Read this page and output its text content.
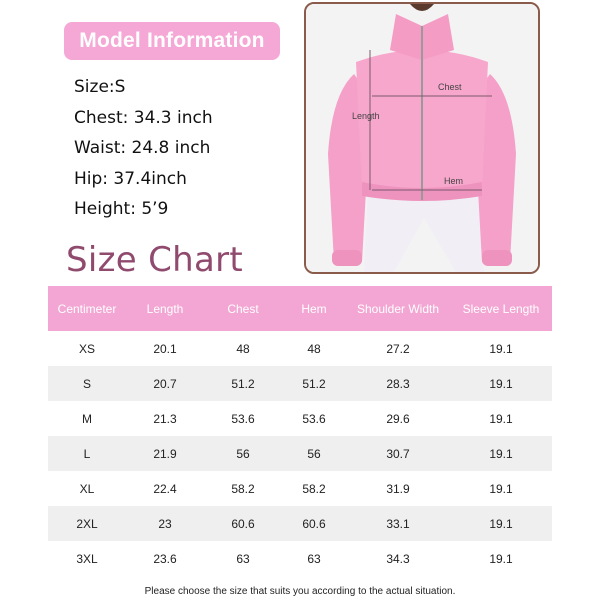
Model Information
Size:S
Chest: 34.3 inch
Waist: 24.8 inch
Hip: 37.4inch
Height: 5’9
Chest
Length
Hem
Size Chart
Centimeter	Length	Chest	Hem	Shoulder Width	Sleeve Length
XS	20.1	48	48	27.2	19.1
S	20.7	51.2	51.2	28.3	19.1
M	21.3	53.6	53.6	29.6	19.1
L	21.9	56	56	30.7	19.1
XL	22.4	58.2	58.2	31.9	19.1
2XL	23	60.6	60.6	33.1	19.1
3XL	23.6	63	63	34.3	19.1
Please choose the size that suits you according to the actual situation.
